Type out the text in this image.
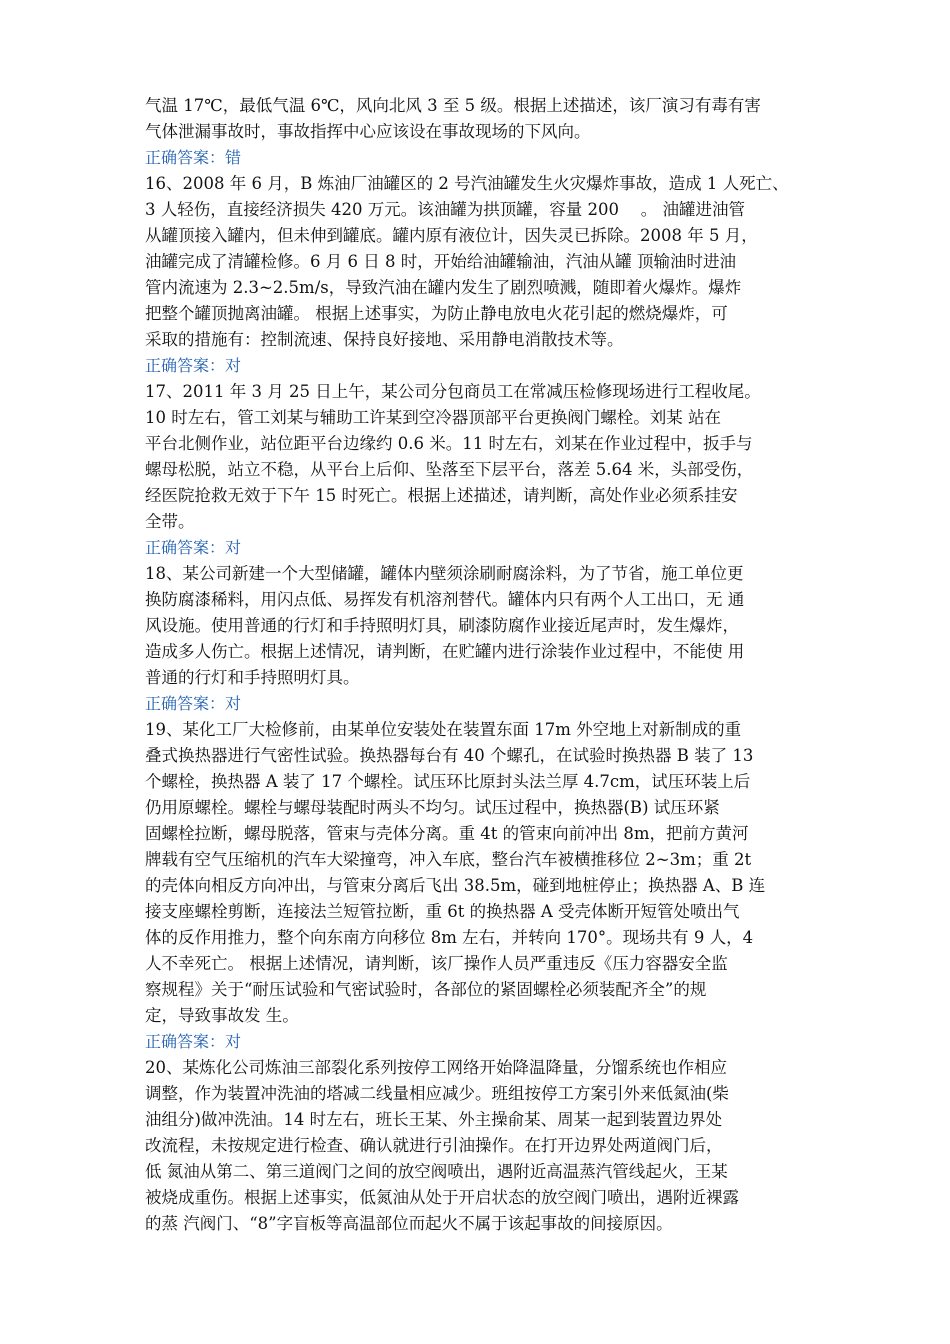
气温 17℃，最低气温 6℃，风向北风 3 至 5 级。根据上述描述，该厂演习有毒有害
气体泄漏事故时，事故指挥中心应该设在事故现场的下风向。
正确答案：错
16、2008 年 6 月，B 炼油厂油罐区的 2 号汽油罐发生火灾爆炸事故，造成 1 人死亡、
3 人轻伤，直接经济损失 420 万元。该油罐为拱顶罐，容量 200　 。 油罐进油管
从罐顶接入罐内，但未伸到罐底。罐内原有液位计，因失灵已拆除。2008 年 5 月，
油罐完成了清罐检修。6 月 6 日 8 时，开始给油罐输油，汽油从罐 顶输油时进油
管内流速为 2.3~2.5m/s，导致汽油在罐内发生了剧烈喷溅，随即着火爆炸。爆炸
把整个罐顶抛离油罐。 根据上述事实，为防止静电放电火花引起的燃烧爆炸，可
采取的措施有：控制流速、保持良好接地、采用静电消散技术等。
正确答案：对
17、2011 年 3 月 25 日上午，某公司分包商员工在常减压检修现场进行工程收尾。
10 时左右，管工刘某与辅助工许某到空冷器顶部平台更换阀门螺栓。刘某 站在
平台北侧作业，站位距平台边缘约 0.6 米。11 时左右，刘某在作业过程中，扳手与
螺母松脱，站立不稳，从平台上后仰、坠落至下层平台，落差 5.64 米，头部受伤，
经医院抢救无效于下午 15 时死亡。根据上述描述，请判断，高处作业必须系挂安
全带。
正确答案：对
18、某公司新建一个大型储罐，罐体内壁须涂刷耐腐涂料，为了节省，施工单位更
换防腐漆稀料，用闪点低、易挥发有机溶剂替代。罐体内只有两个人工出口，无 通
风设施。使用普通的行灯和手持照明灯具，刷漆防腐作业接近尾声时，发生爆炸，
造成多人伤亡。根据上述情况，请判断，在贮罐内进行涂装作业过程中，不能使 用
普通的行灯和手持照明灯具。
正确答案：对
19、某化工厂大检修前，由某单位安装处在装置东面 17m 外空地上对新制成的重
叠式换热器进行气密性试验。换热器每台有 40 个螺孔，在试验时换热器 B 装了 13
个螺栓，换热器 A 装了 17 个螺栓。试压环比原封头法兰厚 4.7cm，试压环装上后
仍用原螺栓。螺栓与螺母装配时两头不均匀。试压过程中，换热器(B) 试压环紧
固螺栓拉断，螺母脱落，管束与壳体分离。重 4t 的管束向前冲出 8m，把前方黄河
牌载有空气压缩机的汽车大梁撞弯，冲入车底，整台汽车被横推移位 2~3m；重 2t
的壳体向相反方向冲出，与管束分离后飞出 38.5m，碰到地桩停止；换热器 A、B 连
接支座螺栓剪断，连接法兰短管拉断，重 6t 的换热器 A 受壳体断开短管处喷出气
体的反作用推力，整个向东南方向移位 8m 左右，并转向 170°。现场共有 9 人，4
人不幸死亡。 根据上述情况，请判断，该厂操作人员严重违反《压力容器安全监
察规程》关于“耐压试验和气密试验时，各部位的紧固螺栓必须装配齐全”的规
定，导致事故发 生。
正确答案：对
20、某炼化公司炼油三部裂化系列按停工网络开始降温降量，分馏系统也作相应
调整，作为装置冲洗油的塔减二线量相应减少。班组按停工方案引外来低氮油(柴
油组分)做冲洗油。14 时左右，班长王某、外主操俞某、周某一起到装置边界处
改流程，未按规定进行检查、确认就进行引油操作。在打开边界处两道阀门后，
低 氮油从第二、第三道阀门之间的放空阀喷出，遇附近高温蒸汽管线起火，王某
被烧成重伤。根据上述事实，低氮油从处于开启状态的放空阀门喷出，遇附近裸露
的蒸 汽阀门、“8”字盲板等高温部位而起火不属于该起事故的间接原因。
